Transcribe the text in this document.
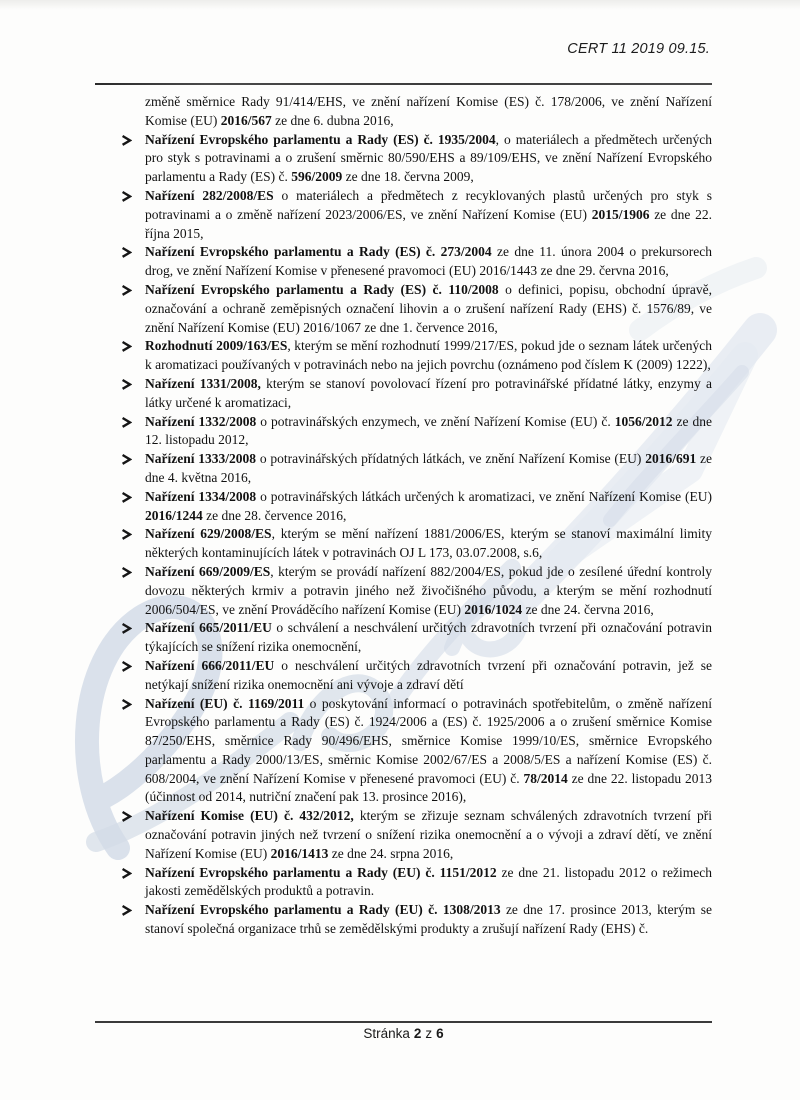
CERT 11 2019 09.15.
změně směrnice Rady 91/414/EHS, ve znění nařízení Komise (ES) č. 178/2006, ve znění Nařízení Komise (EU) 2016/567 ze dne 6. dubna 2016,
Nařízení Evropského parlamentu a Rady (ES) č. 1935/2004, o materiálech a předmětech určených pro styk s potravinami a o zrušení směrnic 80/590/EHS a 89/109/EHS, ve znění Nařízení Evropského parlamentu a Rady (ES) č. 596/2009 ze dne 18. června 2009,
Nařízení 282/2008/ES o materiálech a předmětech z recyklovaných plastů určených pro styk s potravinami a o změně nařízení 2023/2006/ES, ve znění Nařízení Komise (EU) 2015/1906 ze dne 22. října 2015,
Nařízení Evropského parlamentu a Rady (ES) č. 273/2004 ze dne 11. února 2004 o prekursorech drog, ve znění Nařízení Komise v přenesené pravomoci (EU) 2016/1443 ze dne 29. června 2016,
Nařízení Evropského parlamentu a Rady (ES) č. 110/2008 o definici, popisu, obchodní úpravě, označování a ochraně zeměpisných označení lihovin a o zrušení nařízení Rady (EHS) č. 1576/89, ve znění Nařízení Komise (EU) 2016/1067 ze dne 1. července 2016,
Rozhodnutí 2009/163/ES, kterým se mění rozhodnutí 1999/217/ES, pokud jde o seznam látek určených k aromatizaci používaných v potravinách nebo na jejich povrchu (oznámeno pod číslem K (2009) 1222),
Nařízení 1331/2008, kterým se stanoví povolovací řízení pro potravinářské přídatné látky, enzymy a látky určené k aromatizaci,
Nařízení 1332/2008 o potravinářských enzymech, ve znění Nařízení Komise (EU) č. 1056/2012 ze dne 12. listopadu 2012,
Nařízení 1333/2008 o potravinářských přídatných látkách, ve znění Nařízení Komise (EU) 2016/691 ze dne 4. května 2016,
Nařízení 1334/2008 o potravinářských látkách určených k aromatizaci, ve znění Nařízení Komise (EU) 2016/1244 ze dne 28. července 2016,
Nařízení 629/2008/ES, kterým se mění nařízení 1881/2006/ES, kterým se stanoví maximální limity některých kontaminujících látek v potravinách OJ L 173, 03.07.2008, s.6,
Nařízení 669/2009/ES, kterým se provádí nařízení 882/2004/ES, pokud jde o zesílené úřední kontroly dovozu některých krmiv a potravin jiného než živočišného původu, a kterým se mění rozhodnutí 2006/504/ES, ve znění Prováděcího nařízení Komise (EU) 2016/1024 ze dne 24. června 2016,
Nařízení 665/2011/EU o schválení a neschválení určitých zdravotních tvrzení při označování potravin týkajících se snížení rizika onemocnění,
Nařízení 666/2011/EU o neschválení určitých zdravotních tvrzení při označování potravin, jež se netýkají snížení rizika onemocnění ani vývoje a zdraví dětí
Nařízení (EU) č. 1169/2011 o poskytování informací o potravinách spotřebitelům, o změně nařízení Evropského parlamentu a Rady (ES) č. 1924/2006 a (ES) č. 1925/2006 a o zrušení směrnice Komise 87/250/EHS, směrnice Rady 90/496/EHS, směrnice Komise 1999/10/ES, směrnice Evropského parlamentu a Rady 2000/13/ES, směrnic Komise 2002/67/ES a 2008/5/ES a nařízení Komise (ES) č. 608/2004, ve znění Nařízení Komise v přenesené pravomoci (EU) č. 78/2014 ze dne 22. listopadu 2013 (účinnost od 2014, nutriční značení pak 13. prosince 2016),
Nařízení Komise (EU) č. 432/2012, kterým se zřizuje seznam schválených zdravotních tvrzení při označování potravin jiných než tvrzení o snížení rizika onemocnění a o vývoji a zdraví dětí, ve znění Nařízení Komise (EU) 2016/1413 ze dne 24. srpna 2016,
Nařízení Evropského parlamentu a Rady (EU) č. 1151/2012 ze dne 21. listopadu 2012 o režimech jakosti zemědělských produktů a potravin.
Nařízení Evropského parlamentu a Rady (EU) č. 1308/2013 ze dne 17. prosince 2013, kterým se stanoví společná organizace trhů se zemědělskými produkty a zrušují nařízení Rady (EHS) č.
Stránka 2 z 6
